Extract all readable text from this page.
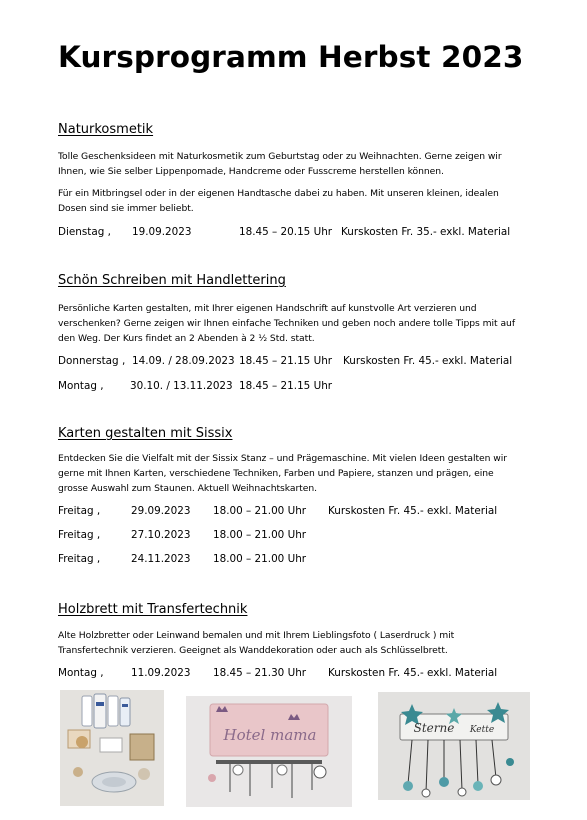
Kursprogramm Herbst 2023

Naturkosmetik

Tolle Geschenksideen mit Naturkosmetik zum Geburtstag oder zu Weihnachten. Gerne zeigen wir Ihnen, wie Sie selber Lippenpomade, Handcreme oder Fusscreme herstellen können.

Für ein Mitbringsel oder in der eigenen Handtasche dabei zu haben. Mit unseren kleinen, idealen Dosen sind sie immer beliebt.

Dienstag , 19.09.2023	18.45 – 20.15 Uhr Kurskosten Fr. 35.- exkl. Material

Schön Schreiben mit Handlettering

Persönliche Karten gestalten, mit Ihrer eigenen Handschrift auf kunstvolle Art verzieren und verschenken? Gerne zeigen wir Ihnen einfache Techniken und geben noch andere tolle Tipps mit auf den Weg. Der Kurs findet an 2 Abenden à 2 ½ Std. statt.

Donnerstag , 14.09. / 28.09.2023 18.45 – 21.15 Uhr Kurskosten Fr. 45.- exkl. Material
Montag ,	30.10. / 13.11.2023 18.45 – 21.15 Uhr

Karten gestalten mit Sissix

Entdecken Sie die Vielfalt mit der Sissix Stanz – und Prägemaschine. Mit vielen Ideen gestalten wir gerne mit Ihnen Karten, verschiedene Techniken, Farben und Papiere, stanzen und prägen, eine grosse Auswahl zum Staunen. Aktuell Weihnachtskarten.

Freitag ,	29.09.2023 18.00 – 21.00 Uhr Kurskosten Fr. 45.- exkl. Material
Freitag ,	27.10.2023 18.00 – 21.00 Uhr
Freitag ,	24.11.2023 18.00 – 21.00 Uhr

Holzbrett mit Transfertechnik

Alte Holzbretter oder Leinwand bemalen und mit Ihrem Lieblingsfoto ( Laserdruck ) mit Transfertechnik verzieren. Geeignet als Wanddekoration oder auch als Schlüsselbrett.

Montag ,	11.09.2023 18.45 – 21.30 Uhr Kurskosten Fr. 45.- exkl. Material
Hotel mama	Sterne Kette
